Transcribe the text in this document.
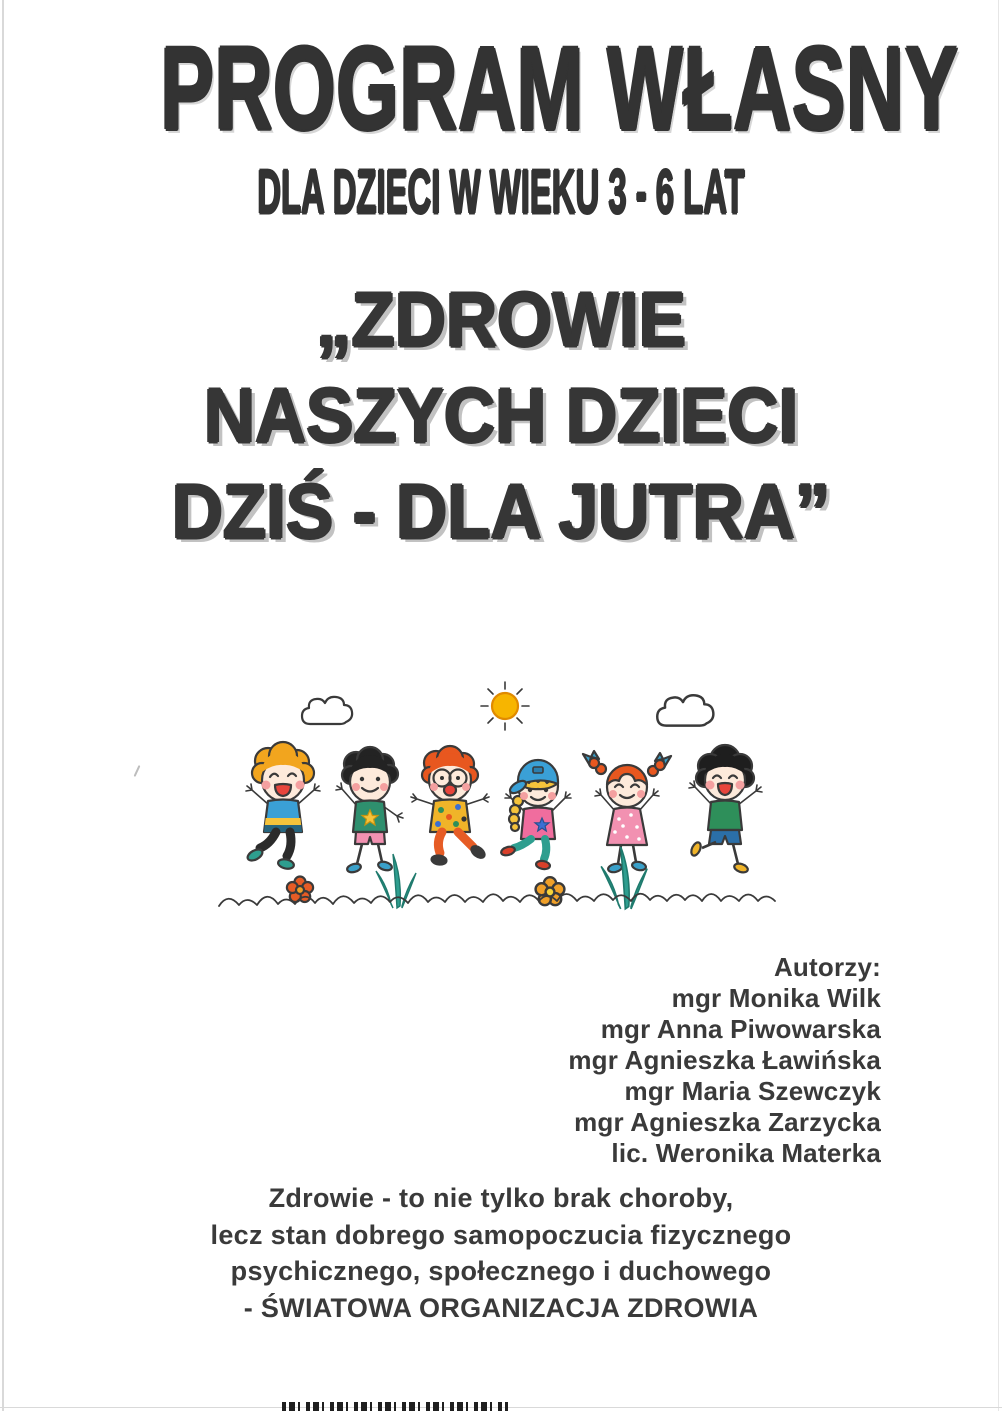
PROGRAM WŁASNY
DLA DZIECI W WIEKU 3 - 6 LAT
„ZDROWIE
NASZYCH DZIECI
DZIŚ - DLA JUTRA”
Autorzy:
mgr Monika Wilk
mgr Anna Piwowarska
mgr Agnieszka Ławińska
mgr Maria Szewczyk
mgr Agnieszka Zarzycka
lic. Weronika Materka
Zdrowie - to nie tylko brak choroby,
lecz stan dobrego samopoczucia fizycznego
psychicznego, społecznego i duchowego
- ŚWIATOWA ORGANIZACJA ZDROWIA
